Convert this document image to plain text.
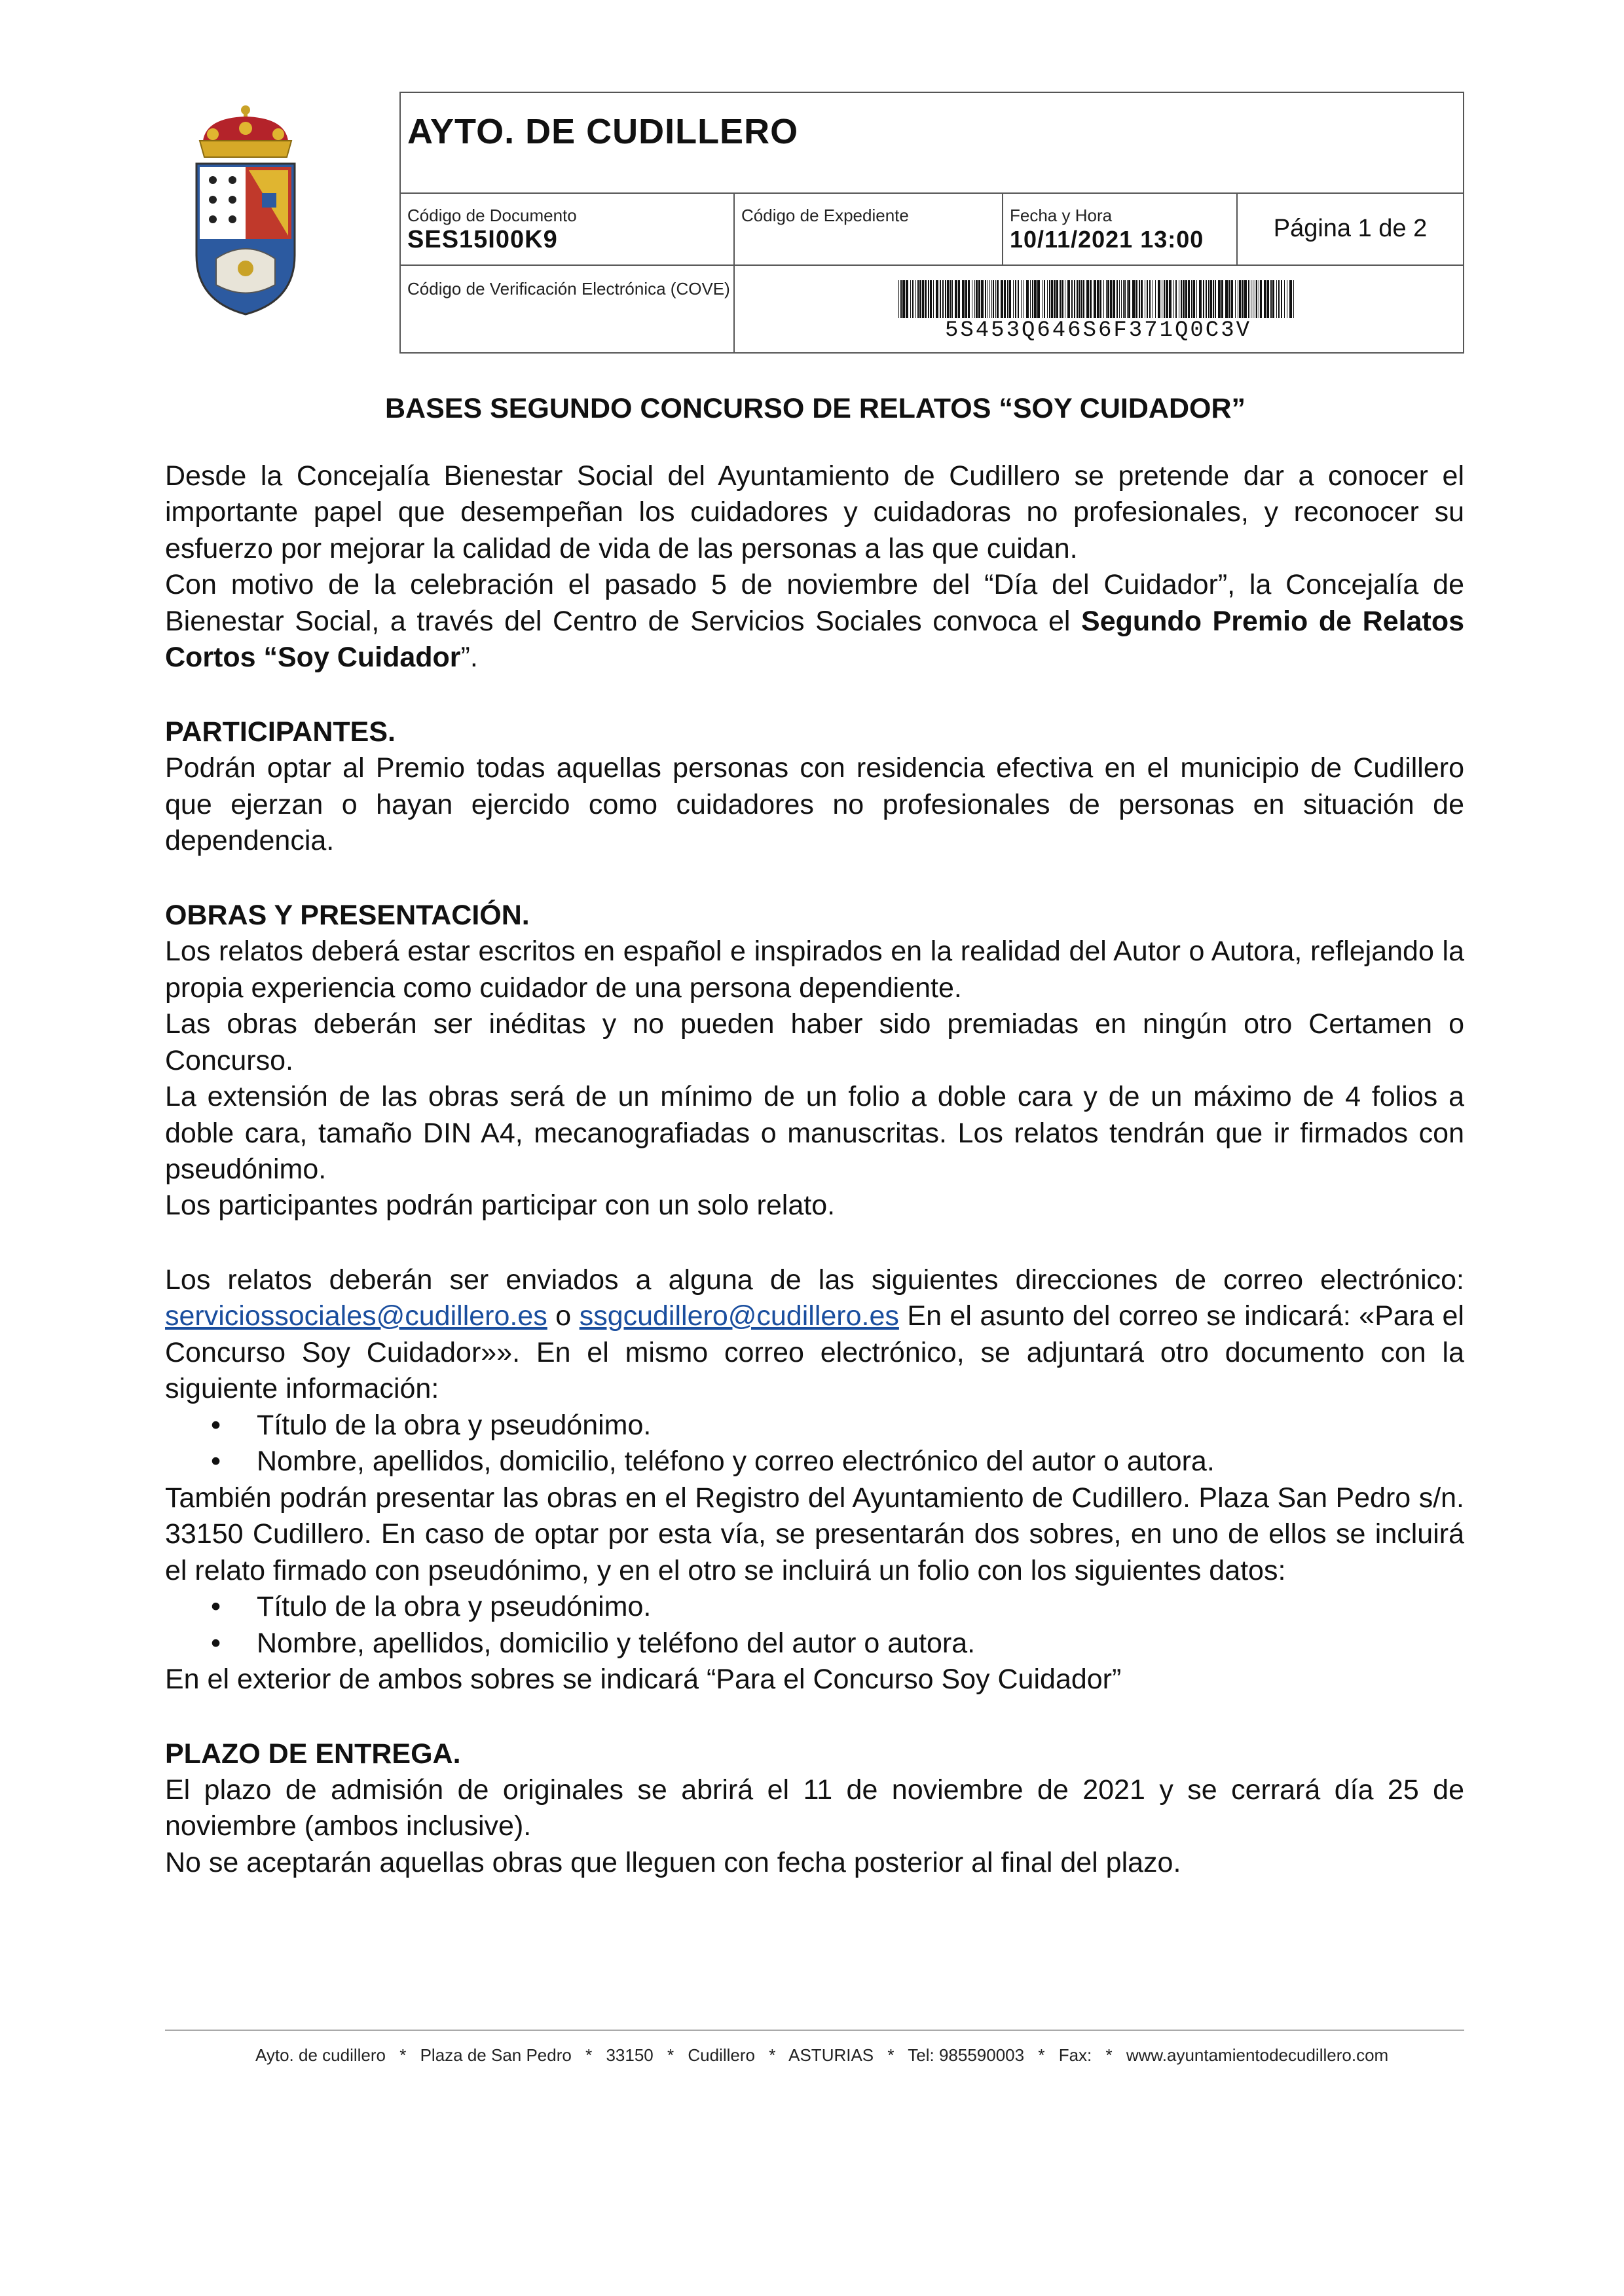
AYTO. DE CUDILLERO
Código de Documento
SES15I00K9
Código de Expediente	Fecha y Hora
10/11/2021 13:00	Página 1 de 2
Código de Verificación Electrónica (COVE)
5S453Q646S6F371Q0C3V
BASES SEGUNDO CONCURSO DE RELATOS “SOY CUIDADOR”

Desde la Concejalía Bienestar Social del Ayuntamiento de Cudillero se pretende dar a conocer el importante papel que desempeñan los cuidadores y cuidadoras no profesionales, y reconocer su esfuerzo por mejorar la calidad de vida de las personas a las que cuidan.

Con motivo de la celebración el pasado 5 de noviembre del “Día del Cuidador”, la Concejalía de Bienestar Social, a través del Centro de Servicios Sociales convoca el Segundo Premio de Relatos Cortos “Soy Cuidador”.

PARTICIPANTES.

Podrán optar al Premio todas aquellas personas con residencia efectiva en el municipio de Cudillero que ejerzan o hayan ejercido como cuidadores no profesionales de personas en situación de dependencia.

OBRAS Y PRESENTACIÓN.

Los relatos deberá estar escritos en español e inspirados en la realidad del Autor o Autora, reflejando la propia experiencia como cuidador de una persona dependiente.

Las obras deberán ser inéditas y no pueden haber sido premiadas en ningún otro Certamen o Concurso.

La extensión de las obras será de un mínimo de un folio a doble cara y de un máximo de 4 folios a doble cara, tamaño DIN A4, mecanografiadas o manuscritas. Los relatos tendrán que ir firmados con pseudónimo.

Los participantes podrán participar con un solo relato.

Los relatos deberán ser enviados a alguna de las siguientes direcciones de correo electrónico: serviciossociales@cudillero.es o ssgcudillero@cudillero.es En el asunto del correo se indicará: «Para el Concurso Soy Cuidador»». En el mismo correo electrónico, se adjuntará otro documento con la siguiente información:

• Título de la obra y pseudónimo.

• Nombre, apellidos, domicilio, teléfono y correo electrónico del autor o autora.

También podrán presentar las obras en el Registro del Ayuntamiento de Cudillero. Plaza San Pedro s/n. 33150 Cudillero. En caso de optar por esta vía, se presentarán dos sobres, en uno de ellos se incluirá el relato firmado con pseudónimo, y en el otro se incluirá un folio con los siguientes datos:

• Título de la obra y pseudónimo.

• Nombre, apellidos, domicilio y teléfono del autor o autora.

En el exterior de ambos sobres se indicará “Para el Concurso Soy Cuidador”

PLAZO DE ENTREGA.

El plazo de admisión de originales se abrirá el 11 de noviembre de 2021 y se cerrará día 25 de noviembre (ambos inclusive).

No se aceptarán aquellas obras que lleguen con fecha posterior al final del plazo.

Ayto. de cudillero * Plaza de San Pedro * 33150 * Cudillero * ASTURIAS * Tel: 985590003 * Fax: * www.ayuntamientodecudillero.com
